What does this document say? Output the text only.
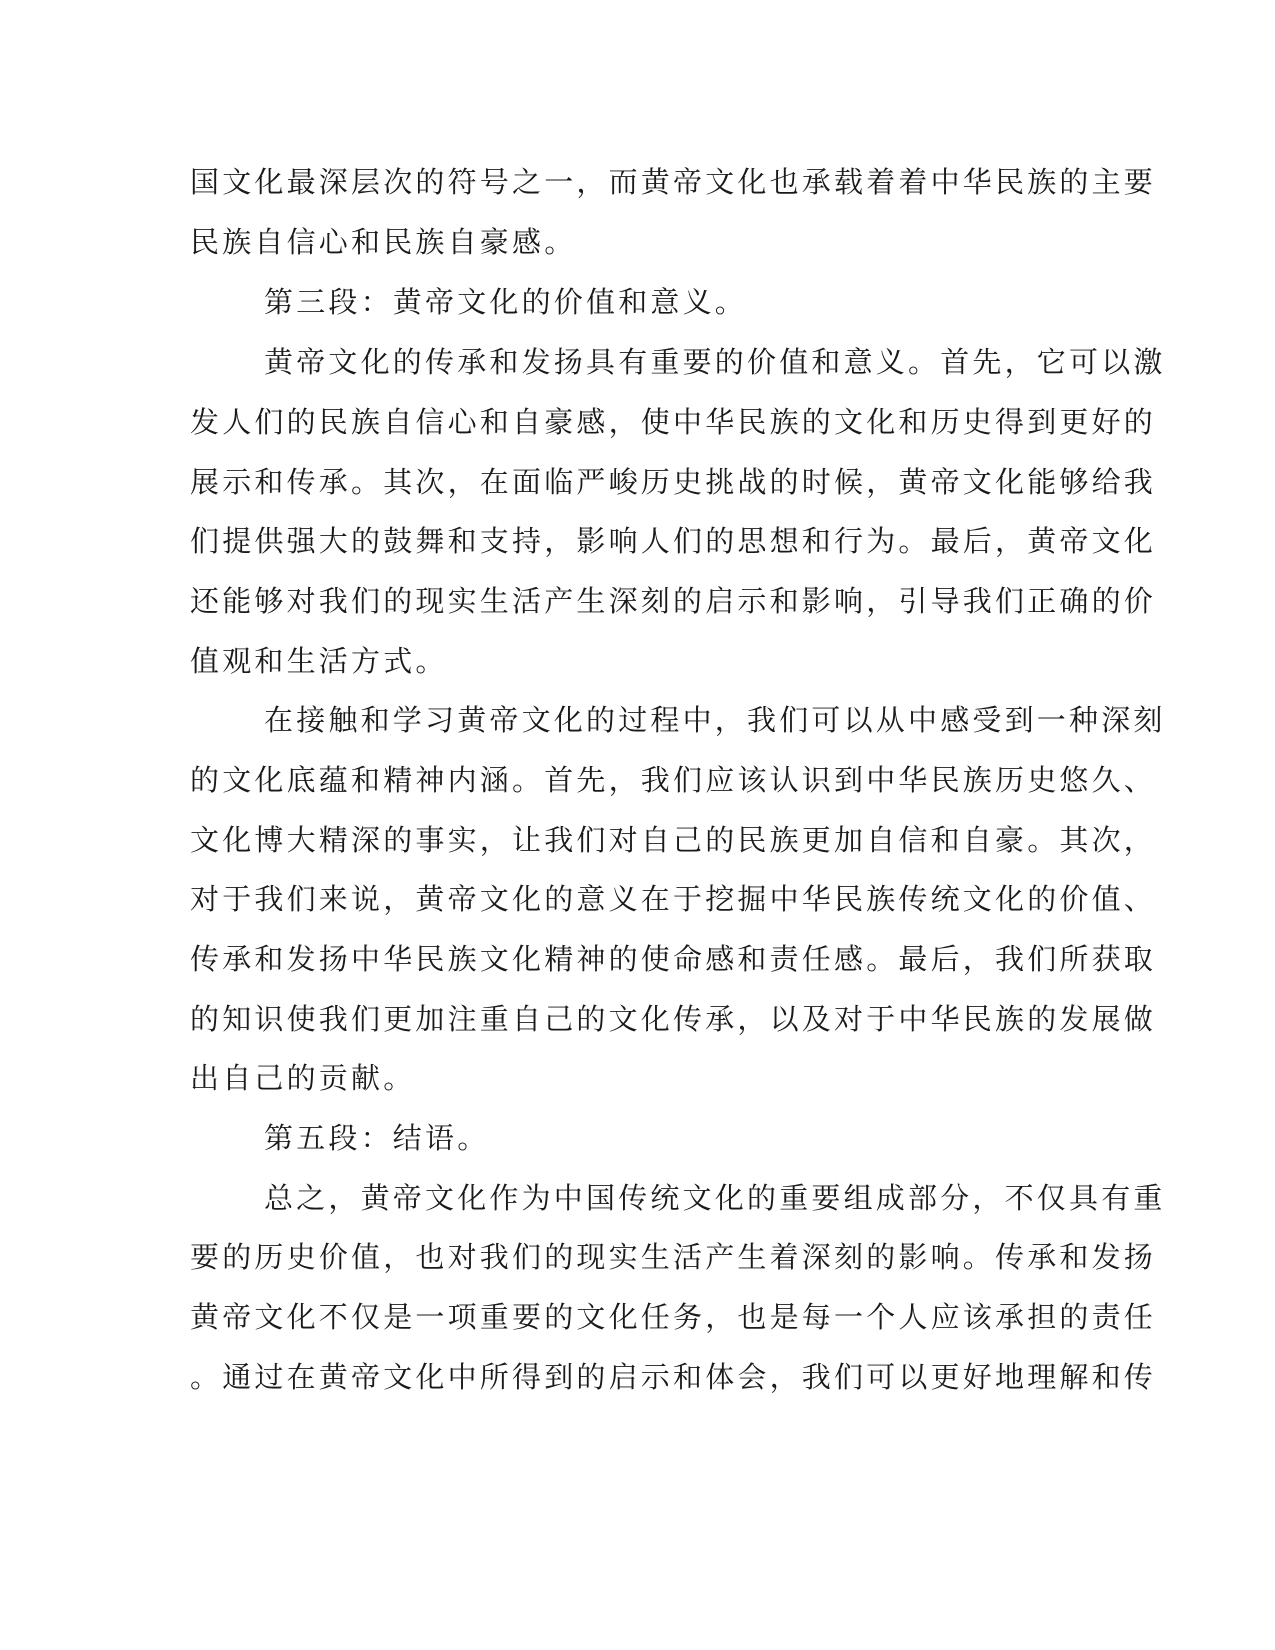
国文化最深层次的符号之一，而黄帝文化也承载着着中华民族的主要
民族自信心和民族自豪感。
第三段：黄帝文化的价值和意义。
黄帝文化的传承和发扬具有重要的价值和意义。首先，它可以激
发人们的民族自信心和自豪感，使中华民族的文化和历史得到更好的
展示和传承。其次，在面临严峻历史挑战的时候，黄帝文化能够给我
们提供强大的鼓舞和支持，影响人们的思想和行为。最后，黄帝文化
还能够对我们的现实生活产生深刻的启示和影响，引导我们正确的价
值观和生活方式。
在接触和学习黄帝文化的过程中，我们可以从中感受到一种深刻
的文化底蕴和精神内涵。首先，我们应该认识到中华民族历史悠久、
文化博大精深的事实，让我们对自己的民族更加自信和自豪。其次，
对于我们来说，黄帝文化的意义在于挖掘中华民族传统文化的价值、
传承和发扬中华民族文化精神的使命感和责任感。最后，我们所获取
的知识使我们更加注重自己的文化传承，以及对于中华民族的发展做
出自己的贡献。
第五段：结语。
总之，黄帝文化作为中国传统文化的重要组成部分，不仅具有重
要的历史价值，也对我们的现实生活产生着深刻的影响。传承和发扬
黄帝文化不仅是一项重要的文化任务，也是每一个人应该承担的责任
。通过在黄帝文化中所得到的启示和体会，我们可以更好地理解和传
